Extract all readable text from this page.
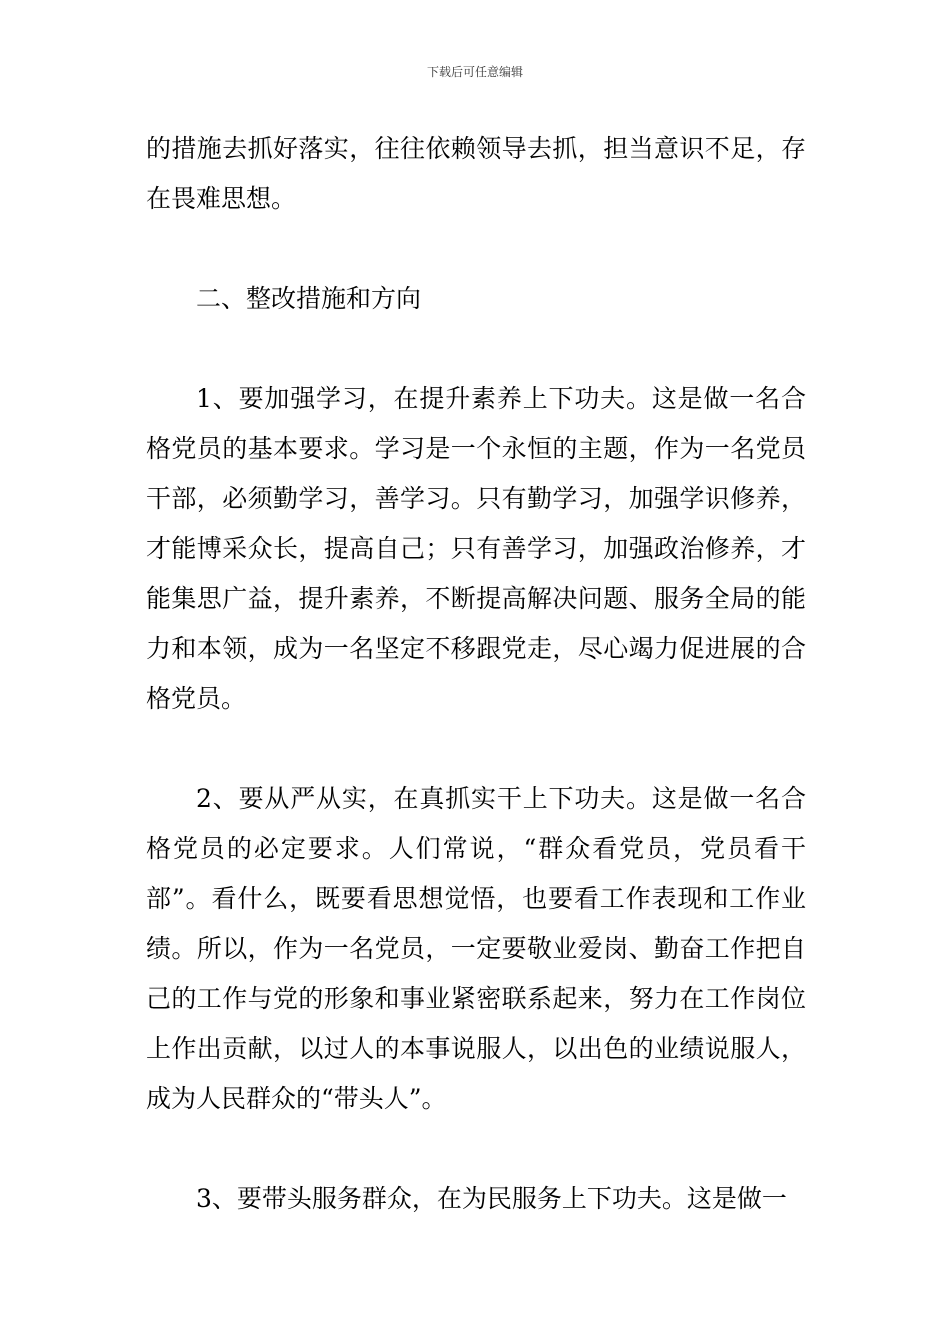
下载后可任意编辑

的措施去抓好落实，往往依赖领导去抓，担当意识不足，存在畏难思想。

二、整改措施和方向

1、要加强学习，在提升素养上下功夫。这是做一名合格党员的基本要求。学习是一个永恒的主题，作为一名党员干部，必须勤学习，善学习。只有勤学习，加强学识修养，才能博采众长，提高自己；只有善学习，加强政治修养，才能集思广益，提升素养，不断提高解决问题、服务全局的能力和本领，成为一名坚定不移跟党走，尽心竭力促进展的合格党员。

2、要从严从实，在真抓实干上下功夫。这是做一名合格党员的必定要求。人们常说，“群众看党员，党员看干部”。看什么，既要看思想觉悟，也要看工作表现和工作业绩。所以，作为一名党员，一定要敬业爱岗、勤奋工作把自己的工作与党的形象和事业紧密联系起来，努力在工作岗位上作出贡献，以过人的本事说服人，以出色的业绩说服人，成为人民群众的“带头人”。

3、要带头服务群众，在为民服务上下功夫。这是做一
